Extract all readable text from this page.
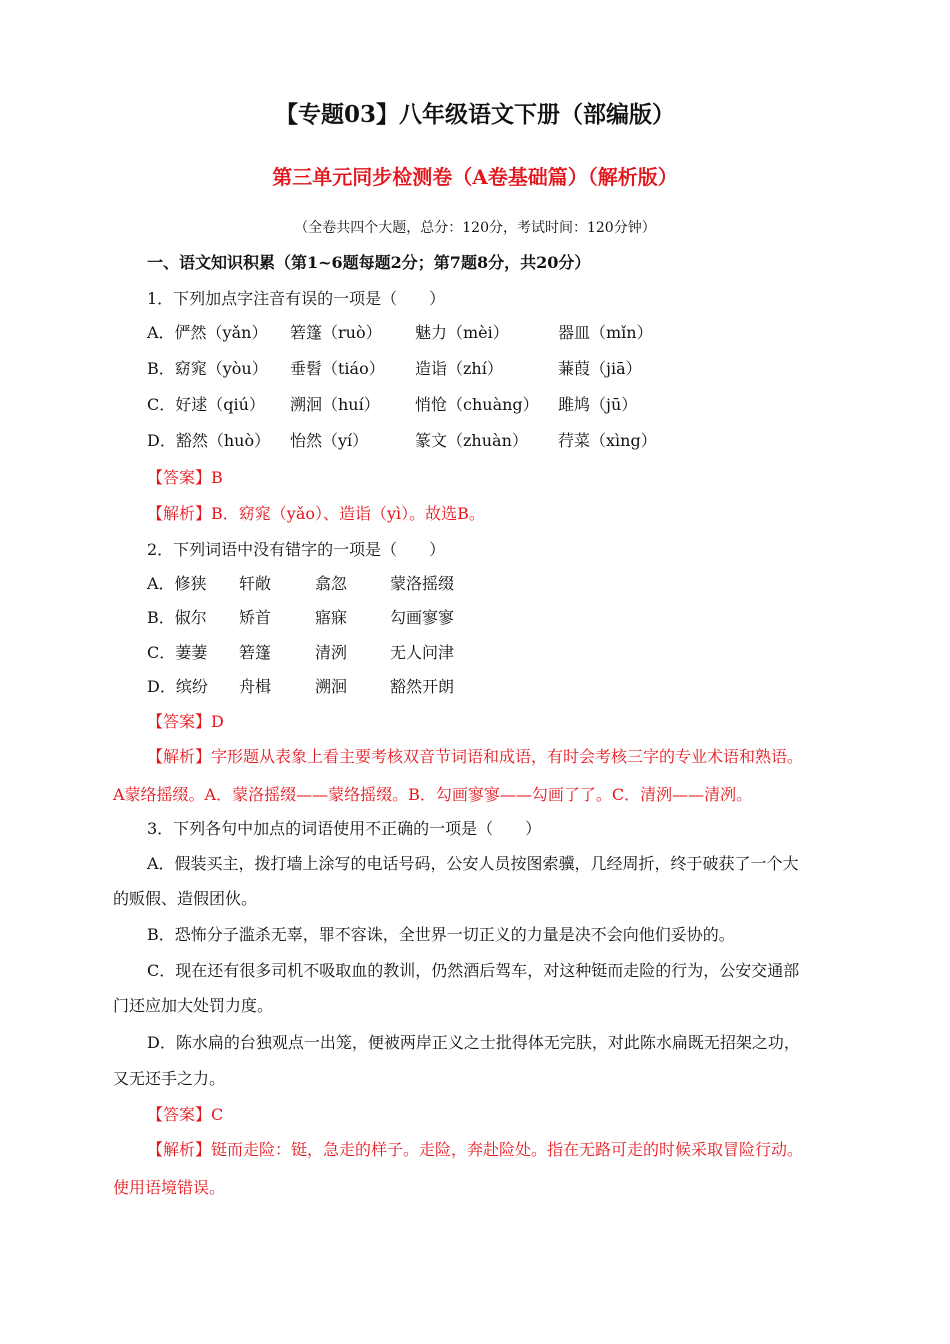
【专题03】八年级语文下册（部编版）
第三单元同步检测卷（A卷基础篇）（解析版）
（全卷共四个大题，总分：120分，考试时间：120分钟）
一、语文知识积累（第1~6题每题2分；第7题8分，共20分）
1．下列加点字注音有误的一项是（　　）
A．俨然（yǎn） 箬篷（ruò） 魅力（mèi）	器皿（mǐn）
B．窈窕（yòu） 垂髫（tiáo） 造诣（zhí）	蒹葭（jiā）
C．好逑（qiú） 溯洄（huí） 悄怆（chuàng） 雎鸠（jū）
D．豁然（huò） 怡然（yí）	篆文（zhuàn） 荇菜（xìng）
【答案】B
【解析】B．窈窕（yǎo）、造诣（yì）。故选B。
2．下列词语中没有错字的一项是（　　）
A．修狭 轩敞	翕忽	蒙洛摇缀
B．俶尔 矫首	寤寐	勾画寥寥
C．萋萋 箬篷	清洌	无人问津
D．缤纷 舟楫	溯洄	豁然开朗
【答案】D
【解析】字形题从表象上看主要考核双音节词语和成语，有时会考核三字的专业术语和熟语。
A蒙络摇缀。A．蒙洛摇缀——蒙络摇缀。B．勾画寥寥——勾画了了。C．清洌——清冽。
3．下列各句中加点的词语使用不正确的一项是（　　）
A．假装买主，拨打墙上涂写的电话号码，公安人员按图索骥，几经周折，终于破获了一个大
的贩假、造假团伙。
B．恐怖分子滥杀无辜，罪不容诛，全世界一切正义的力量是决不会向他们妥协的。
C．现在还有很多司机不吸取血的教训，仍然酒后驾车，对这种铤而走险的行为，公安交通部
门还应加大处罚力度。
D．陈水扁的台独观点一出笼，便被两岸正义之士批得体无完肤，对此陈水扁既无招架之功，
又无还手之力。
【答案】C
【解析】铤而走险：铤，急走的样子。走险，奔赴险处。指在无路可走的时候采取冒险行动。
使用语境错误。
